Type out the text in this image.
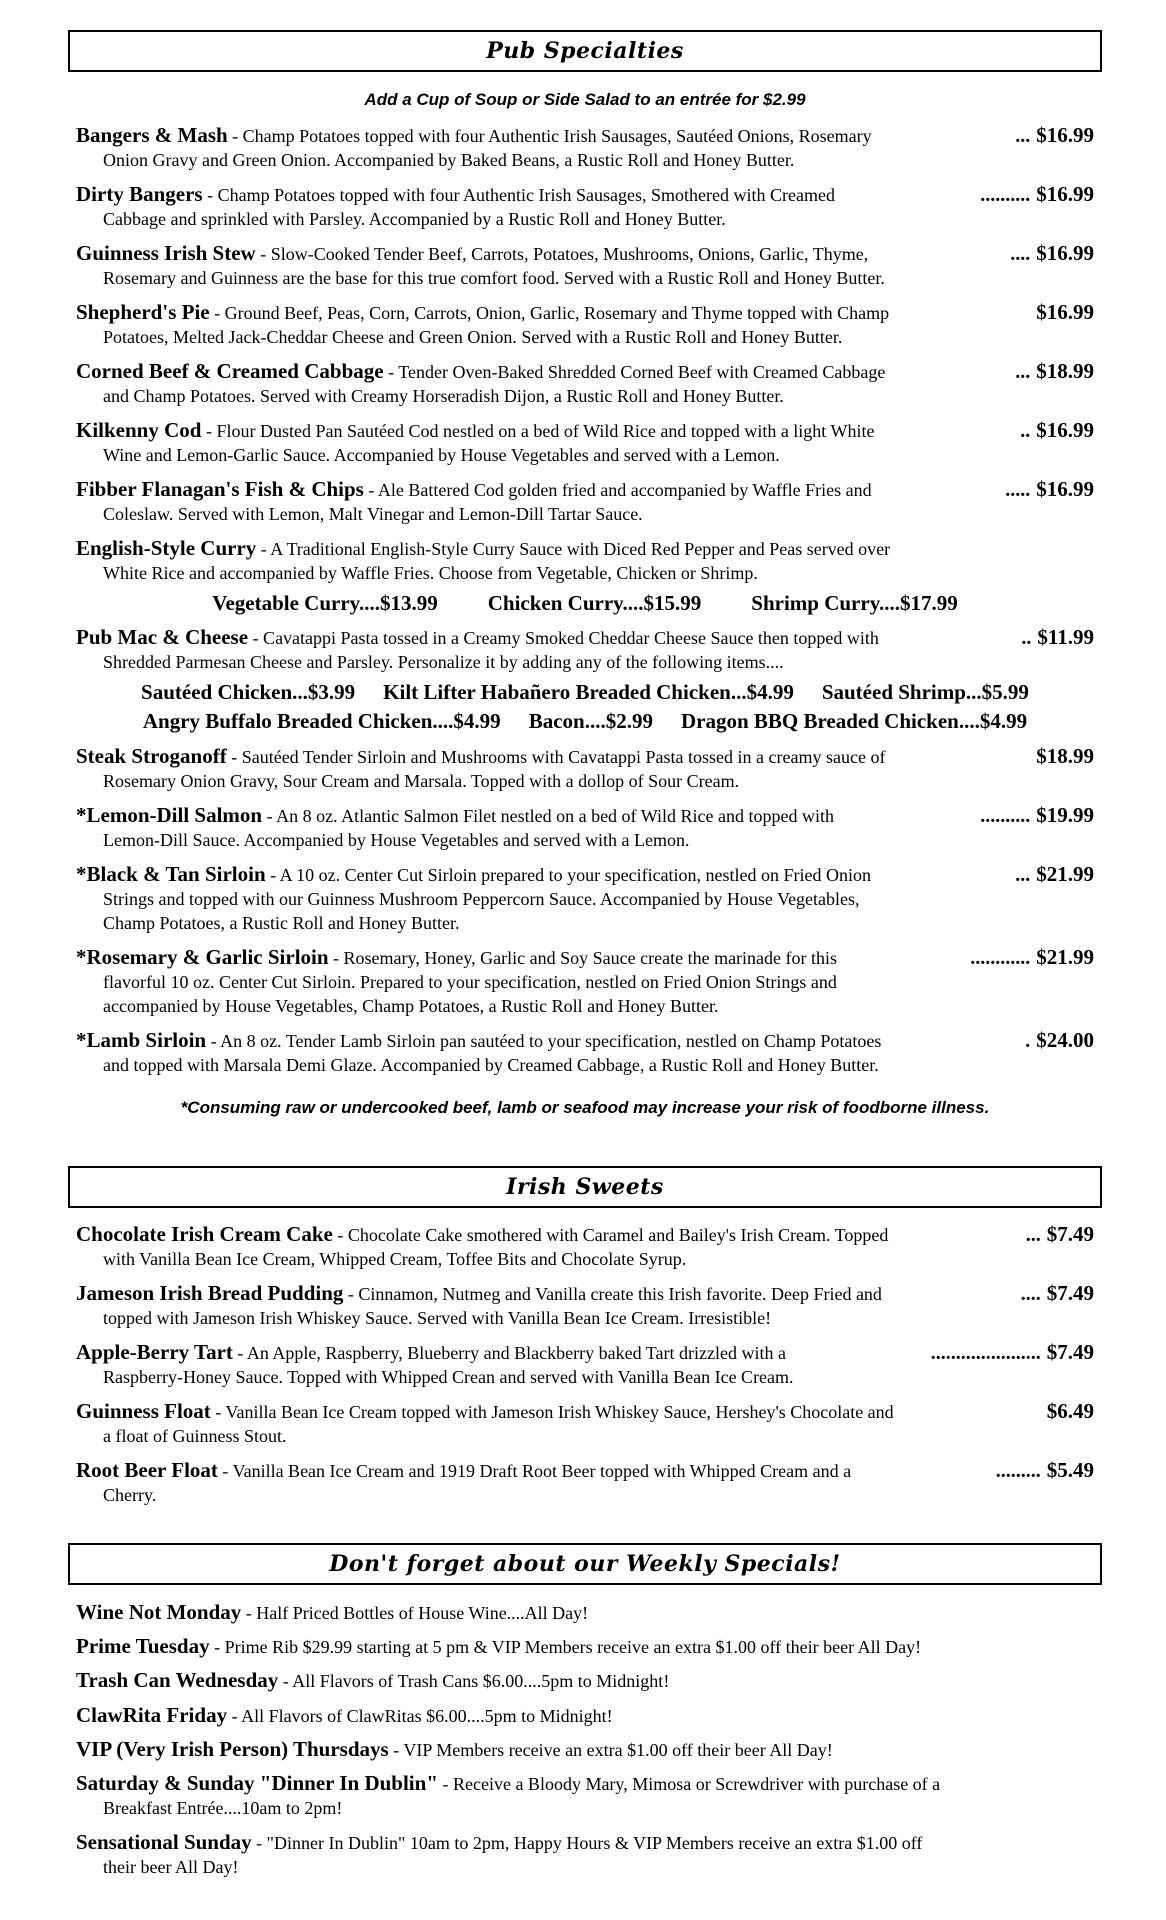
Pub Specialties
Add a Cup of Soup or Side Salad to an entrée for $2.99
Bangers & Mash - Champ Potatoes topped with four Authentic Irish Sausages, Sautéed Onions, Rosemary	... $16.99
Onion Gravy and Green Onion. Accompanied by Baked Beans, a Rustic Roll and Honey Butter.
Dirty Bangers - Champ Potatoes topped with four Authentic Irish Sausages, Smothered with Creamed	.......... $16.99
Cabbage and sprinkled with Parsley. Accompanied by a Rustic Roll and Honey Butter.
Guinness Irish Stew - Slow-Cooked Tender Beef, Carrots, Potatoes, Mushrooms, Onions, Garlic, Thyme,	.... $16.99
Rosemary and Guinness are the base for this true comfort food. Served with a Rustic Roll and Honey Butter.
Shepherd's Pie - Ground Beef, Peas, Corn, Carrots, Onion, Garlic, Rosemary and Thyme topped with Champ	$16.99
Potatoes, Melted Jack-Cheddar Cheese and Green Onion. Served with a Rustic Roll and Honey Butter.
Corned Beef & Creamed Cabbage - Tender Oven-Baked Shredded Corned Beef with Creamed Cabbage	... $18.99
and Champ Potatoes. Served with Creamy Horseradish Dijon, a Rustic Roll and Honey Butter.
Kilkenny Cod - Flour Dusted Pan Sautéed Cod nestled on a bed of Wild Rice and topped with a light White	.. $16.99
Wine and Lemon-Garlic Sauce. Accompanied by House Vegetables and served with a Lemon.
Fibber Flanagan's Fish & Chips - Ale Battered Cod golden fried and accompanied by Waffle Fries and	..... $16.99
Coleslaw. Served with Lemon, Malt Vinegar and Lemon-Dill Tartar Sauce.
English-Style Curry - A Traditional English-Style Curry Sauce with Diced Red Pepper and Peas served over
White Rice and accompanied by Waffle Fries. Choose from Vegetable, Chicken or Shrimp.
Vegetable Curry....$13.99 Chicken Curry....$15.99 Shrimp Curry....$17.99
Pub Mac & Cheese - Cavatappi Pasta tossed in a Creamy Smoked Cheddar Cheese Sauce then topped with	.. $11.99
Shredded Parmesan Cheese and Parsley. Personalize it by adding any of the following items....
Sautéed Chicken...$3.99 Kilt Lifter Habañero Breaded Chicken...$4.99 Sautéed Shrimp...$5.99
Angry Buffalo Breaded Chicken....$4.99 Bacon....$2.99 Dragon BBQ Breaded Chicken....$4.99
Steak Stroganoff - Sautéed Tender Sirloin and Mushrooms with Cavatappi Pasta tossed in a creamy sauce of	$18.99
Rosemary Onion Gravy, Sour Cream and Marsala. Topped with a dollop of Sour Cream.
*Lemon-Dill Salmon - An 8 oz. Atlantic Salmon Filet nestled on a bed of Wild Rice and topped with	.......... $19.99
Lemon-Dill Sauce. Accompanied by House Vegetables and served with a Lemon.
*Black & Tan Sirloin - A 10 oz. Center Cut Sirloin prepared to your specification, nestled on Fried Onion	... $21.99
Strings and topped with our Guinness Mushroom Peppercorn Sauce. Accompanied by House Vegetables,
Champ Potatoes, a Rustic Roll and Honey Butter.
*Rosemary & Garlic Sirloin - Rosemary, Honey, Garlic and Soy Sauce create the marinade for this	............ $21.99
flavorful 10 oz. Center Cut Sirloin. Prepared to your specification, nestled on Fried Onion Strings and
accompanied by House Vegetables, Champ Potatoes, a Rustic Roll and Honey Butter.
*Lamb Sirloin - An 8 oz. Tender Lamb Sirloin pan sautéed to your specification, nestled on Champ Potatoes	. $24.00
and topped with Marsala Demi Glaze. Accompanied by Creamed Cabbage, a Rustic Roll and Honey Butter.
*Consuming raw or undercooked beef, lamb or seafood may increase your risk of foodborne illness.
Irish Sweets
Chocolate Irish Cream Cake - Chocolate Cake smothered with Caramel and Bailey's Irish Cream. Topped	... $7.49
with Vanilla Bean Ice Cream, Whipped Cream, Toffee Bits and Chocolate Syrup.
Jameson Irish Bread Pudding - Cinnamon, Nutmeg and Vanilla create this Irish favorite. Deep Fried and	.... $7.49
topped with Jameson Irish Whiskey Sauce. Served with Vanilla Bean Ice Cream. Irresistible!
Apple-Berry Tart - An Apple, Raspberry, Blueberry and Blackberry baked Tart drizzled with a	...................... $7.49
Raspberry-Honey Sauce. Topped with Whipped Crean and served with Vanilla Bean Ice Cream.
Guinness Float - Vanilla Bean Ice Cream topped with Jameson Irish Whiskey Sauce, Hershey's Chocolate and	$6.49
a float of Guinness Stout.
Root Beer Float - Vanilla Bean Ice Cream and 1919 Draft Root Beer topped with Whipped Cream and a	......... $5.49
Cherry.
Don't forget about our Weekly Specials!
Wine Not Monday - Half Priced Bottles of House Wine....All Day!
Prime Tuesday - Prime Rib $29.99 starting at 5 pm & VIP Members receive an extra $1.00 off their beer All Day!
Trash Can Wednesday - All Flavors of Trash Cans $6.00....5pm to Midnight!
ClawRita Friday - All Flavors of ClawRitas $6.00....5pm to Midnight!
VIP (Very Irish Person) Thursdays - VIP Members receive an extra $1.00 off their beer All Day!
Saturday & Sunday "Dinner In Dublin" - Receive a Bloody Mary, Mimosa or Screwdriver with purchase of a
Breakfast Entrée....10am to 2pm!
Sensational Sunday - "Dinner In Dublin" 10am to 2pm, Happy Hours & VIP Members receive an extra $1.00 off
their beer All Day!
